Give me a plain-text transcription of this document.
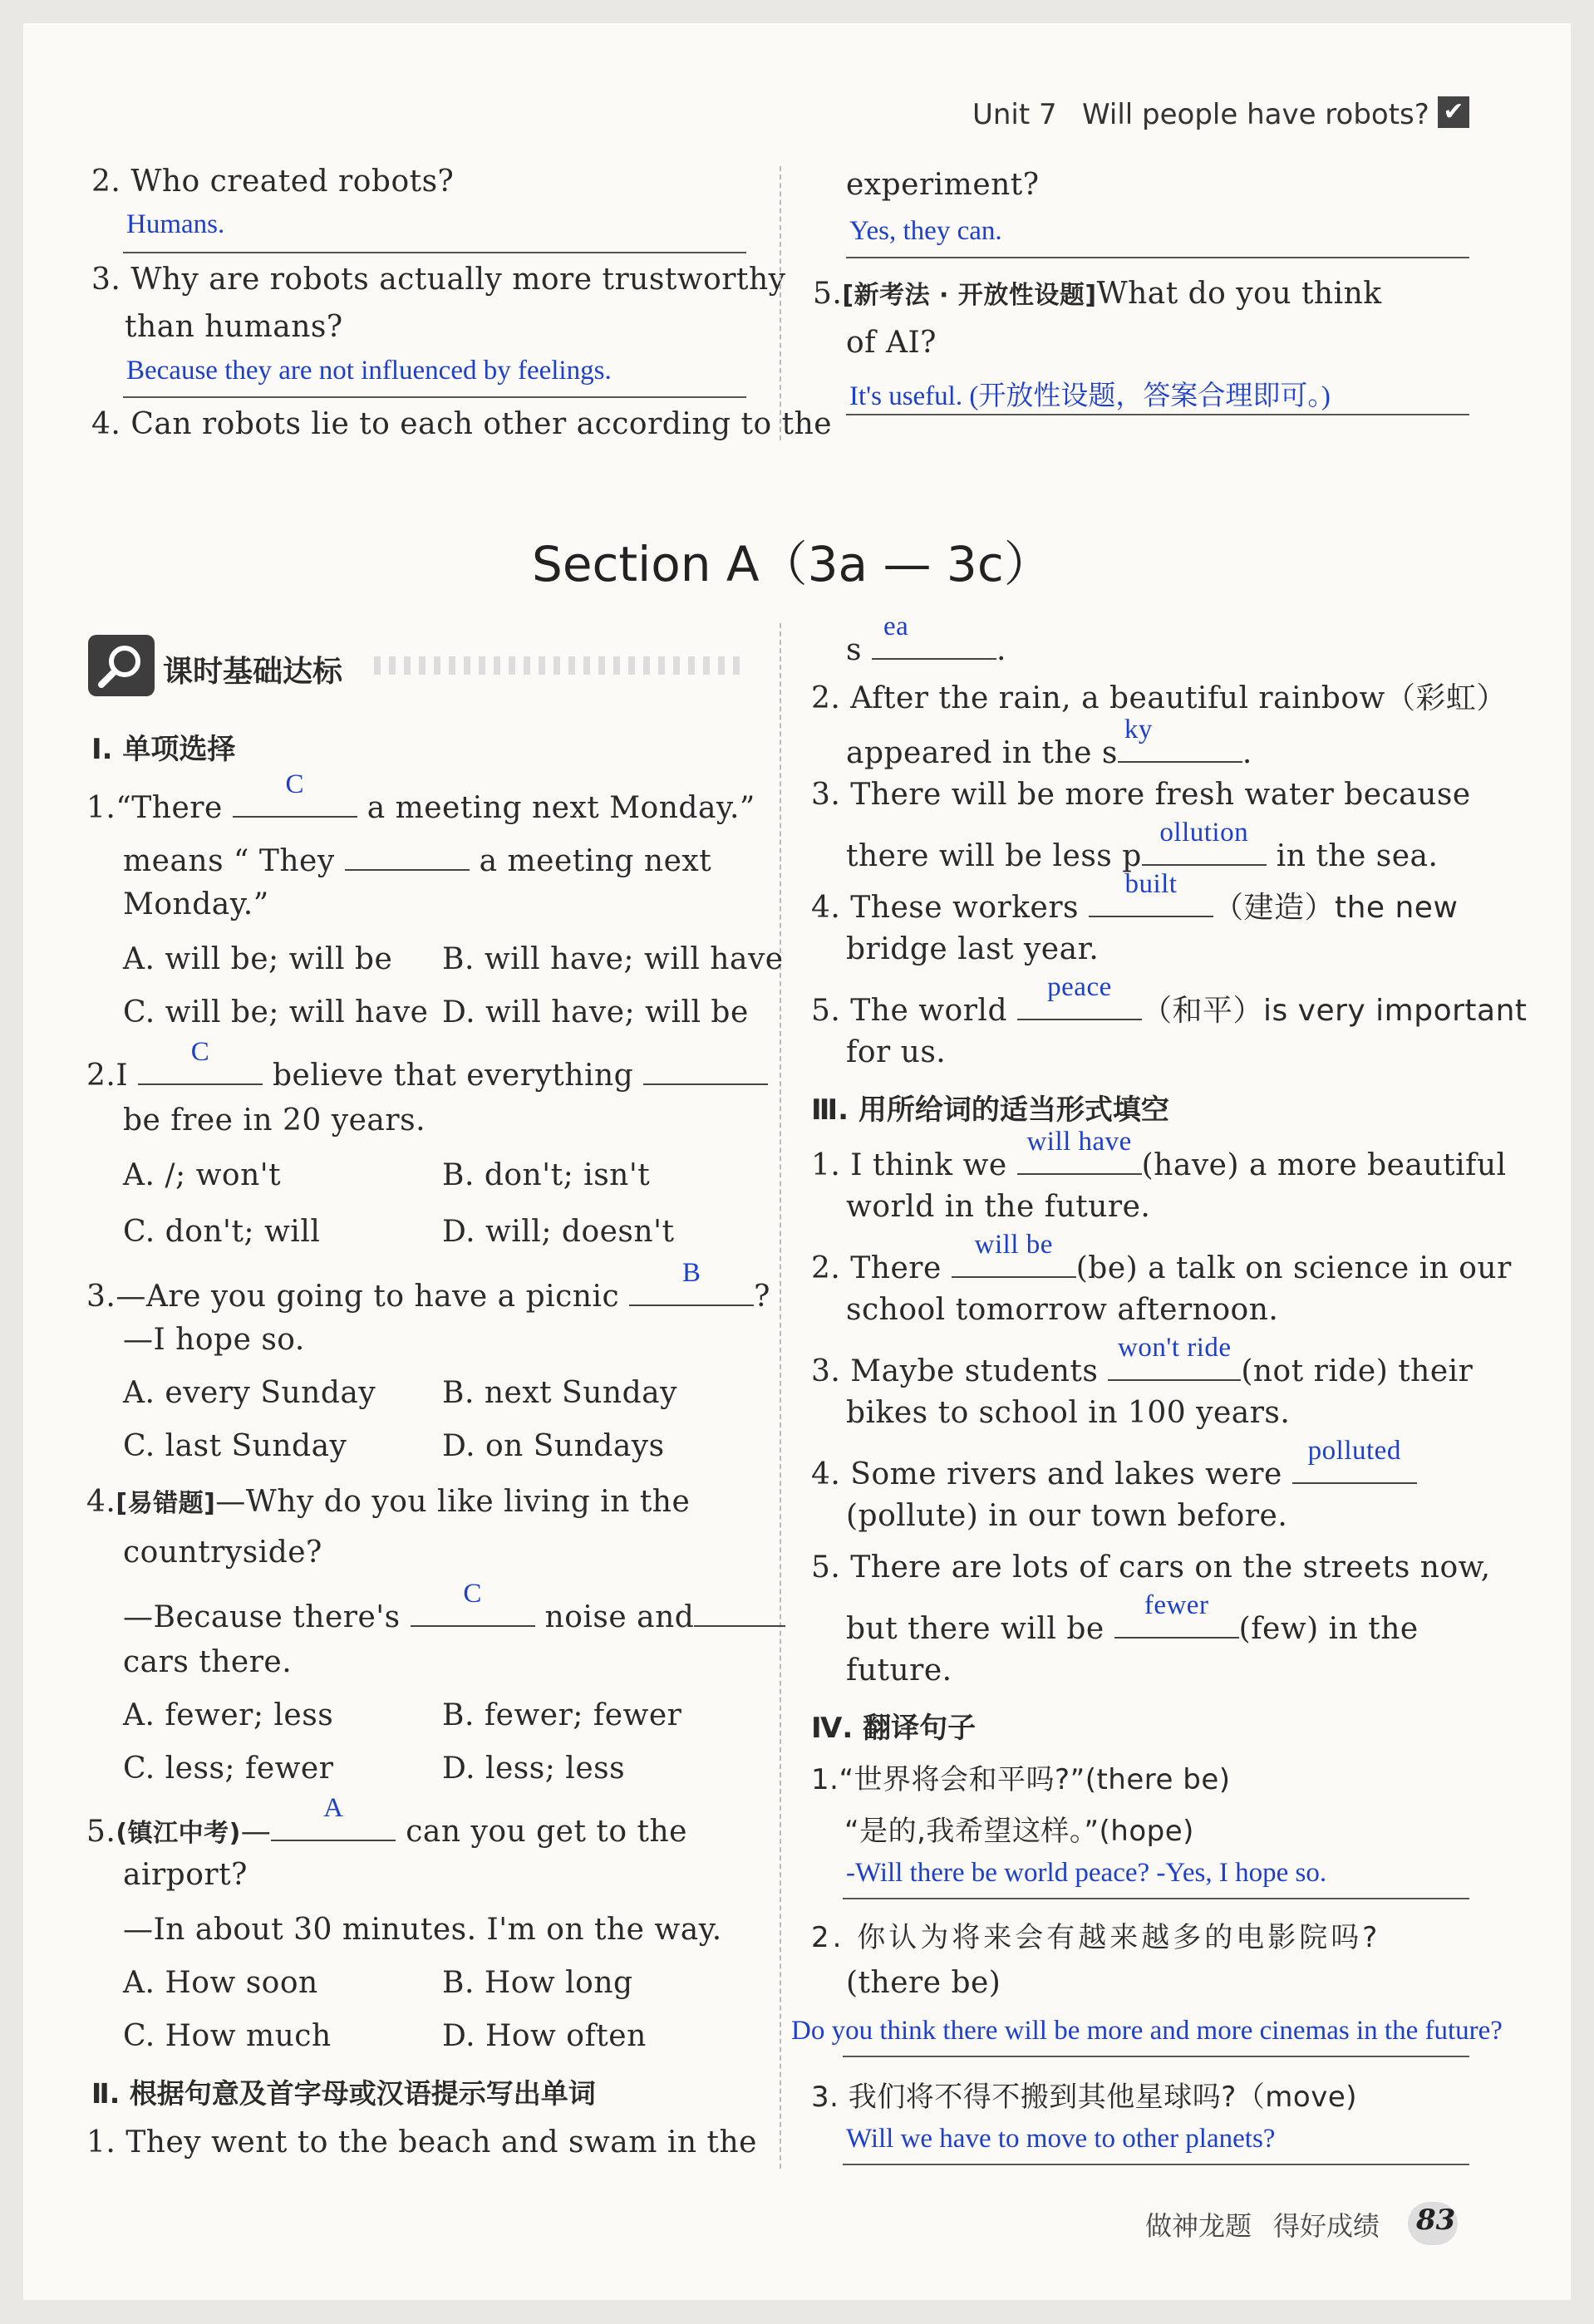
Unit 7 Will people have robots? ✔
2. Who created robots?
Humans.
3. Why are robots actually more trustworthy
than humans?
Because they are not influenced by feelings.
4. Can robots lie to each other according to the
experiment?
Yes, they can.
5.[新考法 · 开放性设题]What do you think
of AI?
It's useful. (开放性设题，答案合理即可。)
Section A（3a — 3c）
课时基础达标
Ⅰ. 单项选择
1.“There
C
a meeting next Monday.”
means “ They	a meeting next
Monday.”
A. will be; will be B. will have; will have
C. will be; will have D. will have; will be
2.I
C
believe that everything
be free in 20 years.
A. /; won't	B. don't; isn't
C. don't; will	D. will; doesn't
3.—Are you going to have a picnic
B
?
—I hope so.
A. every Sunday B. next Sunday
C. last Sunday	D. on Sundays
4.[易错题]—Why do you like living in the
countryside?
—Because there's
C
noise and
cars there.
A. fewer; less	B. fewer; fewer
C. less; fewer	D. less; less
5.(镇江中考)—
A
can you get to the
airport?
—In about 30 minutes. I'm on the way.
A. How soon	B. How long
C. How much	D. How often
Ⅱ. 根据句意及首字母或汉语提示写出单词
1. They went to the beach and swam in the
s
ea
.
2. After the rain, a beautiful rainbow（彩虹）
appeared in the s
ky
.
3. There will be more fresh water because
there will be less p
ollution
in the sea.
4. These workers
built
（建造）the new
bridge last year.
5. The world
peace
（和平）is very important
for us.
Ⅲ. 用所给词的适当形式填空
1. I think we
will have
(have) a more beautiful
world in the future.
2. There
will be
(be) a talk on science in our
school tomorrow afternoon.
3. Maybe students
won't ride
(not ride) their
bikes to school in 100 years.
4. Some rivers and lakes were
polluted
(pollute) in our town before.
5. There are lots of cars on the streets now,
but there will be
fewer
(few) in the
future.
Ⅳ. 翻译句子
1.“世界将会和平吗?”(there be)
“是的,我希望这样。”(hope)
-Will there be world peace? -Yes, I hope so.
2. 你认为将来会有越来越多的电影院吗?
(there be)
Do you think there will be more and more cinemas in the future?
3. 我们将不得不搬到其他星球吗?（move)
Will we have to move to other planets?
做神龙题 得好成绩 83
